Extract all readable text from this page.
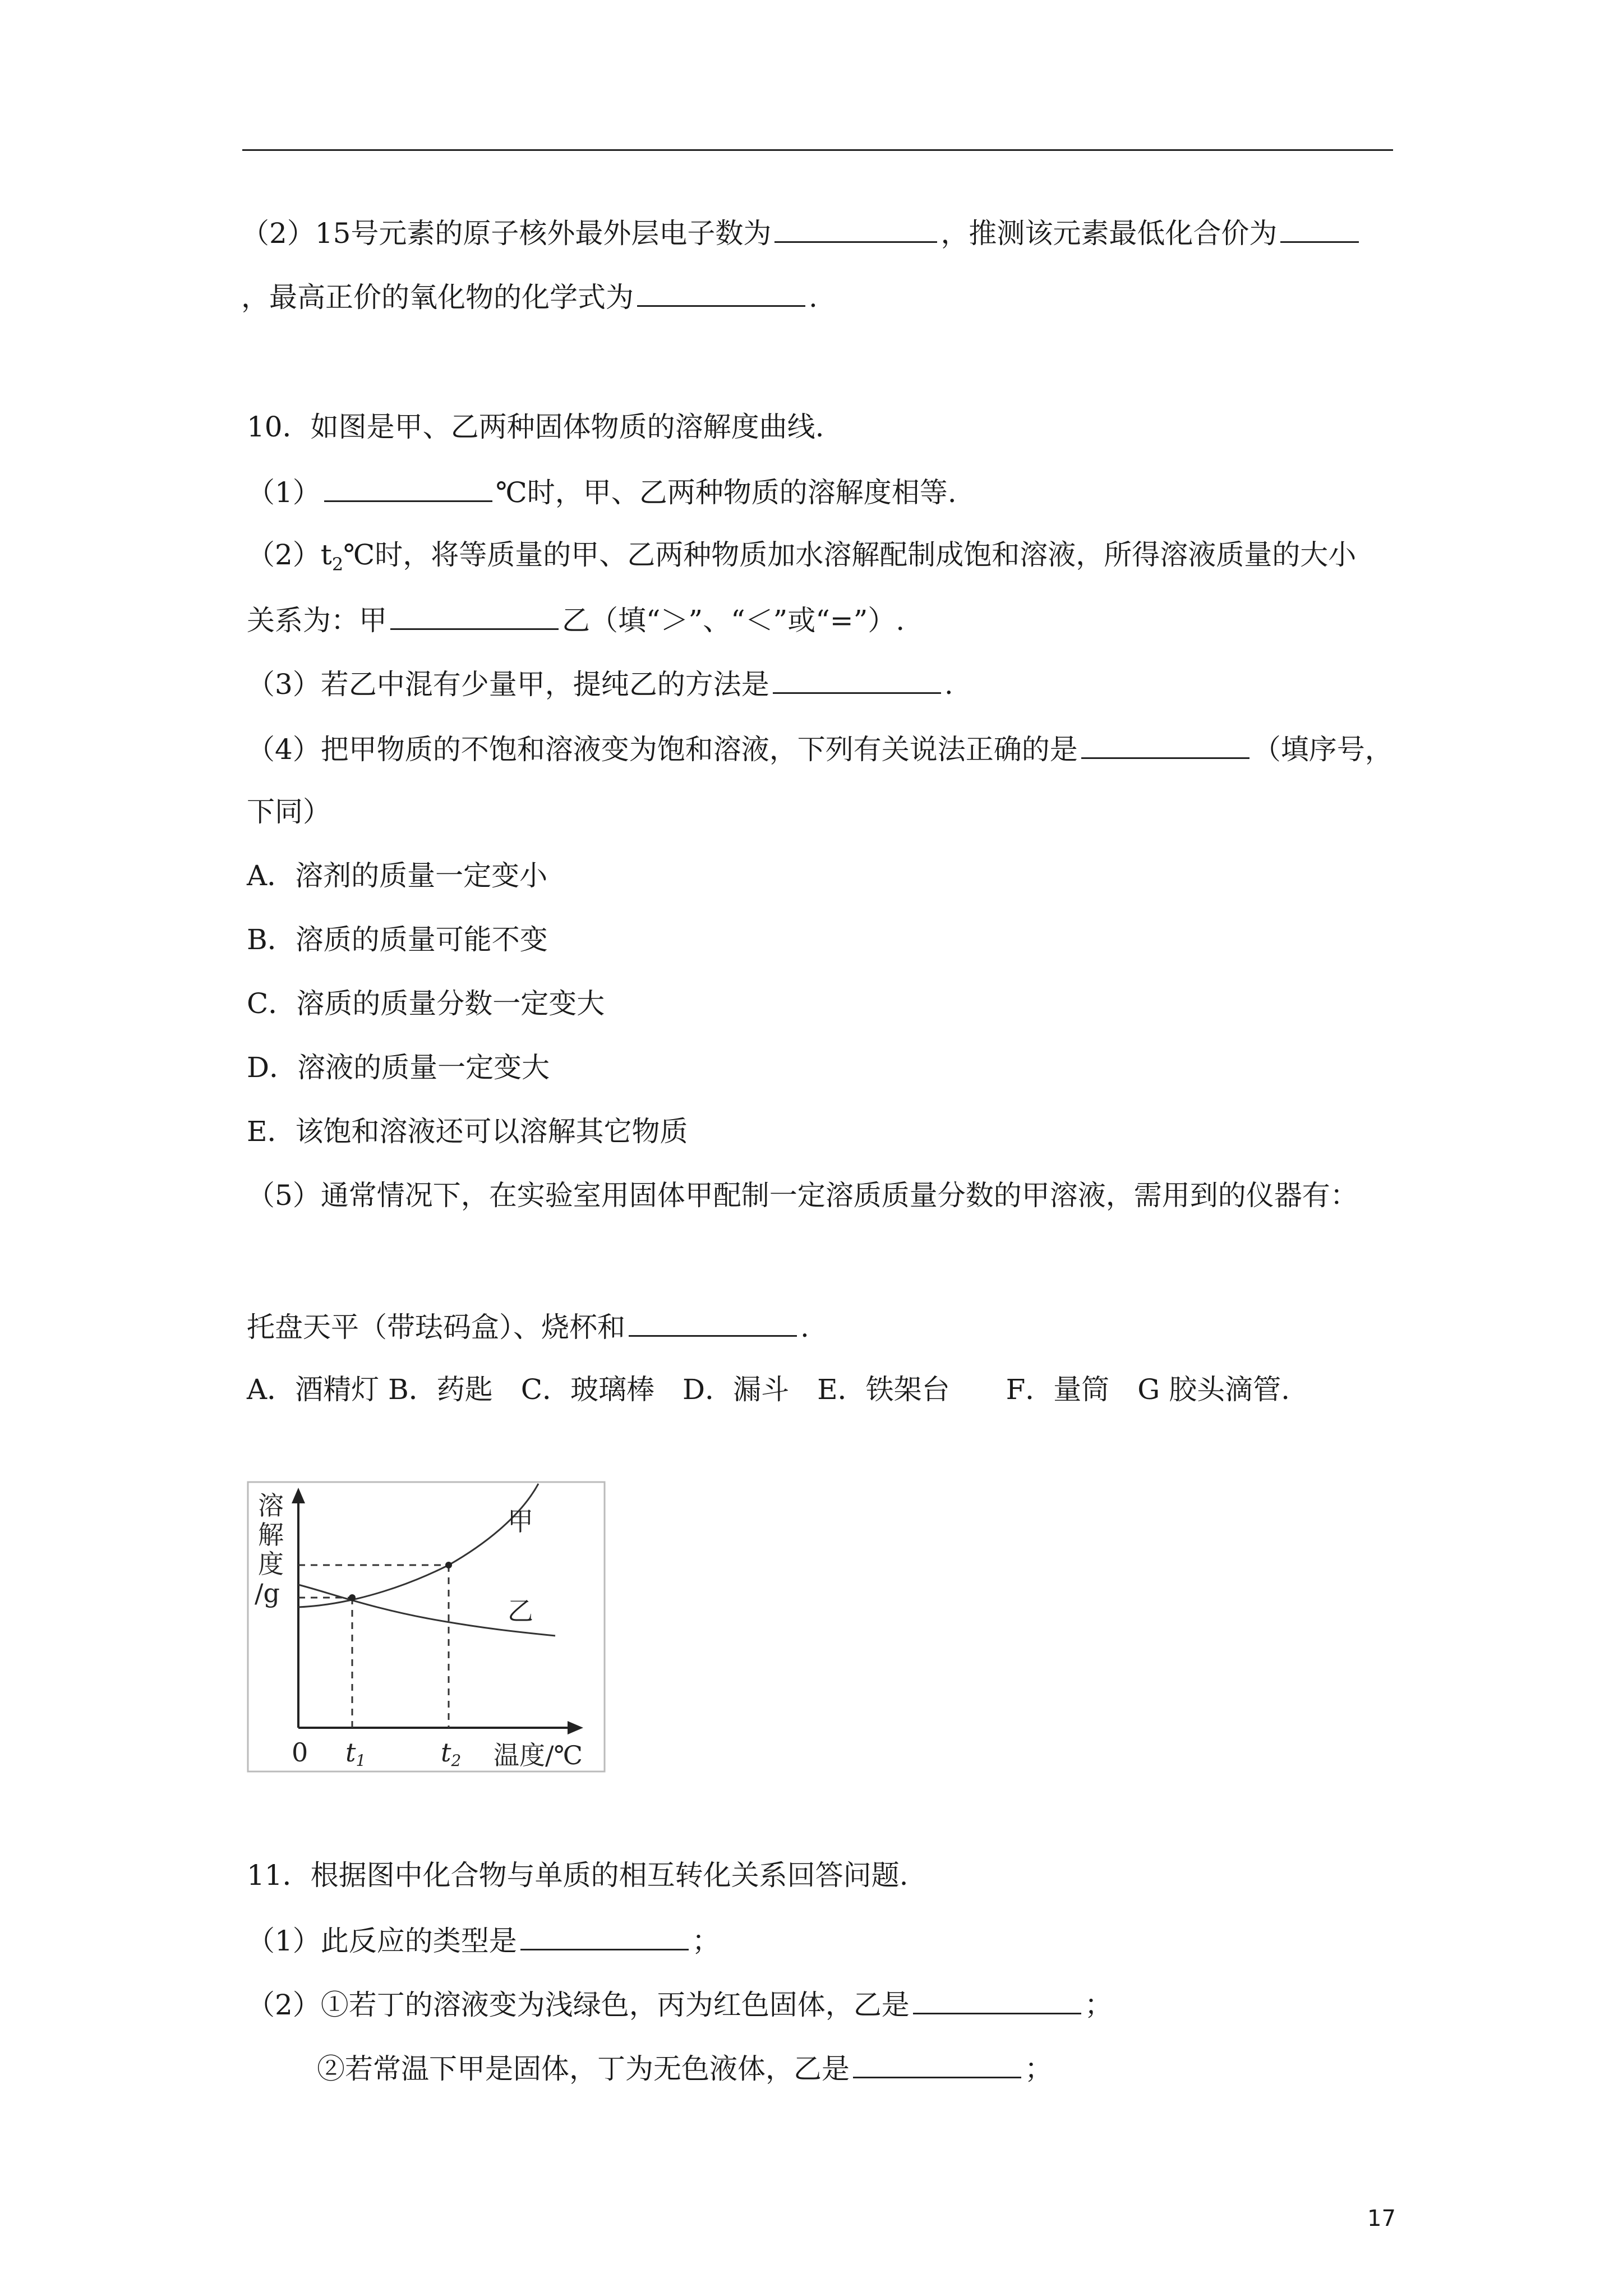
（2）15号元素的原子核外最外层电子数为	，推测该元素最低化合价为
，最高正价的氧化物的化学式为	.
10．如图是甲、乙两种固体物质的溶解度曲线.
（1）	℃时，甲、乙两种物质的溶解度相等.
$(2)t_2℃$时，将等质量的甲、乙两种物质加水溶解配制成饱和溶液，所得溶液质量的大小
关系为：甲	乙（填“＞”、“＜”或“=”）.
（3）若乙中混有少量甲，提纯乙的方法是	.
（4）把甲物质的不饱和溶液变为饱和溶液，下列有关说法正确的是	（填序号，
下同）
A．溶剂的质量一定变小
B．溶质的质量可能不变
C．溶质的质量分数一定变大
D．溶液的质量一定变大
E．该饱和溶液还可以溶解其它物质
（5）通常情况下，在实验室用固体甲配制一定溶质质量分数的甲溶液，需用到的仪器有：
托盘天平（带珐码盒）、烧杯和	.
A．酒精灯 B．药匙　C．玻璃棒　D．漏斗　E．铁架台　　F．量筒　G 胶头滴管.
溶
解
度
/g
0 t1	t2 温度/℃
甲
乙
11．根据图中化合物与单质的相互转化关系回答问题.
（1）此反应的类型是	；
（2）①若丁的溶液变为浅绿色，丙为红色固体，乙是	；
②若常温下甲是固体，丁为无色液体，乙是	；
17
